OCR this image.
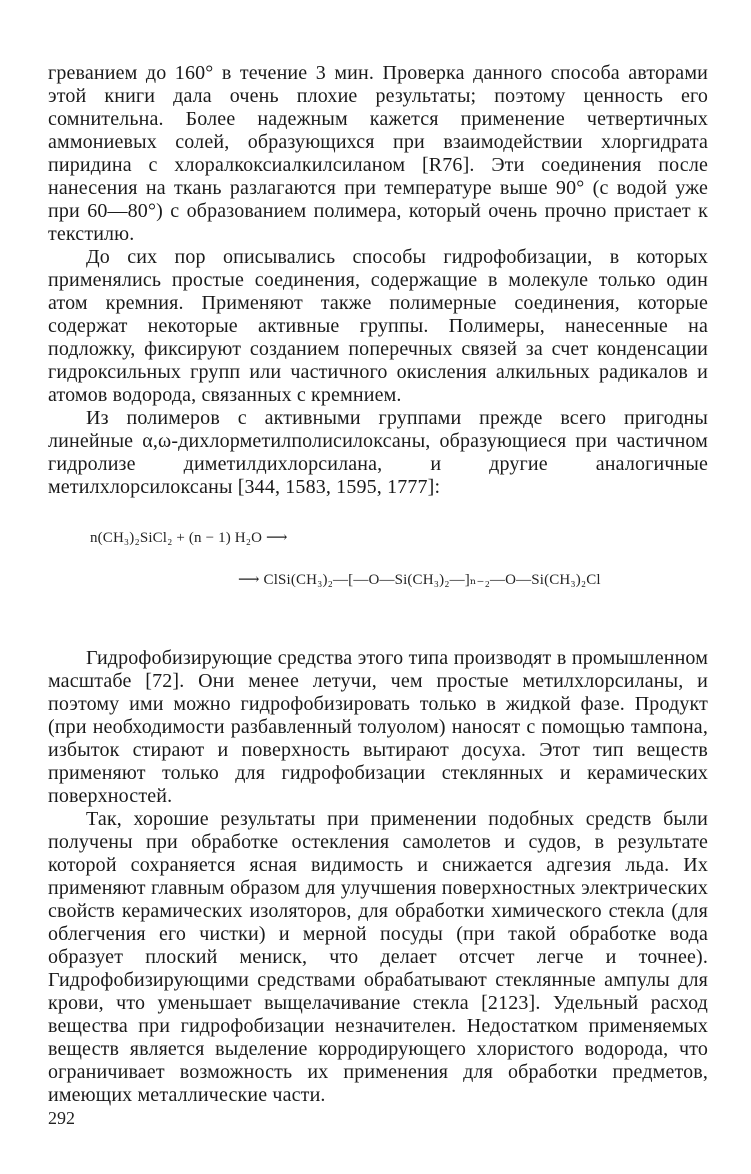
греванием до 160° в течение 3 мин. Проверка данного способа авторами этой книги дала очень плохие результаты; поэтому ценность его сомнительна. Более надежным кажется применение четвертичных аммониевых солей, образующихся при взаимодействии хлоргидрата пиридина с хлоралкоксиалкилсиланом [R76]. Эти соединения после нанесения на ткань разлагаются при температуре выше 90° (с водой уже при 60—80°) с образованием полимера, который очень прочно пристает к текстилю.

До сих пор описывались способы гидрофобизации, в которых применялись простые соединения, содержащие в молекуле только один атом кремния. Применяют также полимерные соединения, которые содержат некоторые активные группы. Полимеры, нанесенные на подложку, фиксируют созданием поперечных связей за счет конденсации гидроксильных групп или частичного окисления алкильных радикалов и атомов водорода, связанных с кремнием.

Из полимеров с активными группами прежде всего пригодны линейные α,ω-дихлорметилполисилоксаны, образующиеся при частичном гидролизе диметилдихлорсилана, и другие аналогичные метилхлорсилоксаны [344, 1583, 1595, 1777]:

n(CH₃)₂SiCl₂ + (n − 1) H₂O ⟶
⟶ ClSi(CH₃)₂—[—O—Si(CH₃)₂—]ₙ₋₂—O—Si(CH₃)₂Cl

Гидрофобизирующие средства этого типа производят в промышленном масштабе [72]. Они менее летучи, чем простые метилхлорсиланы, и поэтому ими можно гидрофобизировать только в жидкой фазе. Продукт (при необходимости разбавленный толуолом) наносят с помощью тампона, избыток стирают и поверхность вытирают досуха. Этот тип веществ применяют только для гидрофобизации стеклянных и керамических поверхностей.

Так, хорошие результаты при применении подобных средств были получены при обработке остекления самолетов и судов, в результате которой сохраняется ясная видимость и снижается адгезия льда. Их применяют главным образом для улучшения поверхностных электрических свойств керамических изоляторов, для обработки химического стекла (для облегчения его чистки) и мерной посуды (при такой обработке вода образует плоский мениск, что делает отсчет легче и точнее). Гидрофобизирующими средствами обрабатывают стеклянные ампулы для крови, что уменьшает выщелачивание стекла [2123]. Удельный расход вещества при гидрофобизации незначителен. Недостатком применяемых веществ является выделение корродирующего хлористого водорода, что ограничивает возможность их применения для обработки предметов, имеющих металлические части.

292
